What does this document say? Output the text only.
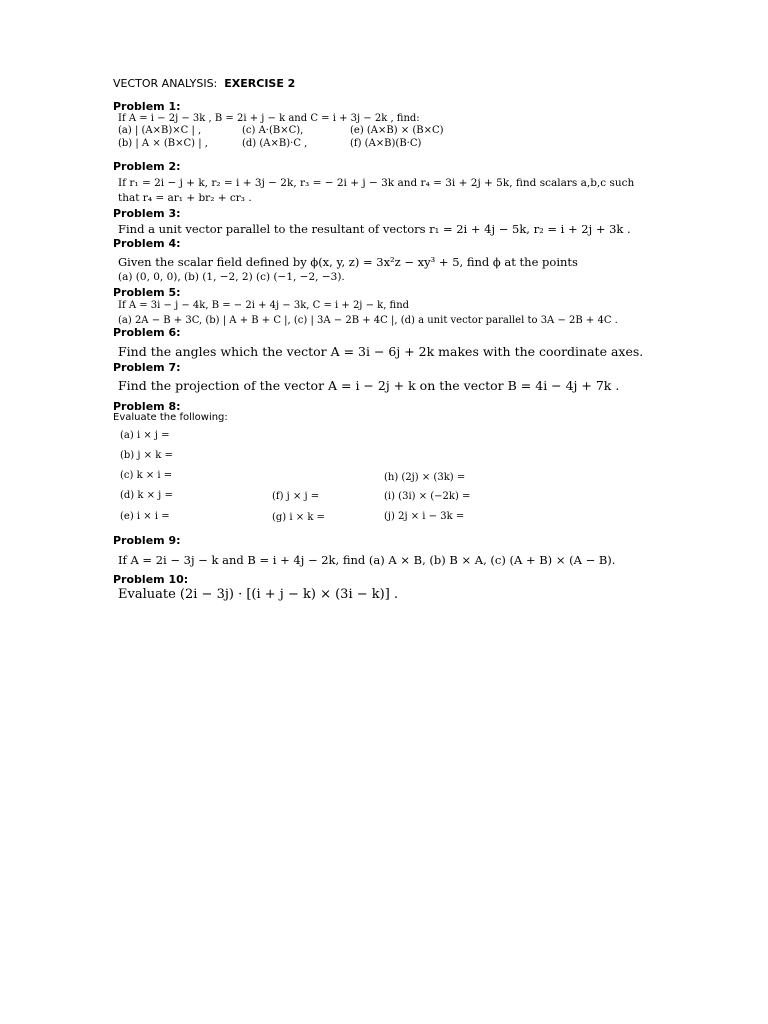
VECTOR ANALYSIS: EXERCISE 2
Problem 1:
If A = i − 2j − 3k , B = 2i + j − k and C = i + 3j − 2k , find:
(a) | (A×B)×C | ,	(c) A·(B×C),	(e) (A×B) × (B×C)
(b) | A × (B×C) | ,	(d) (A×B)·C ,	(f) (A×B)(B·C)
Problem 2:
If r₁ = 2i − j + k, r₂ = i + 3j − 2k, r₃ = − 2i + j − 3k and r₄ = 3i + 2j + 5k, find scalars a,b,c such
that r₄ = ar₁ + br₂ + cr₃ .
Problem 3:
Find a unit vector parallel to the resultant of vectors r₁ = 2i + 4j − 5k, r₂ = i + 2j + 3k .
Problem 4:
Given the scalar field defined by ϕ(x, y, z) = 3x²z − xy³ + 5, find ϕ at the points
(a) (0, 0, 0), (b) (1, −2, 2) (c) (−1, −2, −3).
Problem 5:
If A = 3i − j − 4k, B = − 2i + 4j − 3k, C = i + 2j − k, find
(a) 2A − B + 3C, (b) | A + B + C |, (c) | 3A − 2B + 4C |, (d) a unit vector parallel to 3A − 2B + 4C .
Problem 6:
Find the angles which the vector A = 3i − 6j + 2k makes with the coordinate axes.
Problem 7:
Find the projection of the vector A = i − 2j + k on the vector B = 4i − 4j + 7k .
Problem 8:
Evaluate the following:
(a) i × j =
(b) j × k =
(c) k × i =
(d) k × j =
(e) i × i =
(f) j × j =
(g) i × k =
(h) (2j) × (3k) =
(i) (3i) × (−2k) =
(j) 2j × i − 3k =
Problem 9:
If A = 2i − 3j − k and B = i + 4j − 2k, find (a) A × B, (b) B × A, (c) (A + B) × (A − B).
Problem 10:
Evaluate (2i − 3j) · [(i + j − k) × (3i − k)] .
